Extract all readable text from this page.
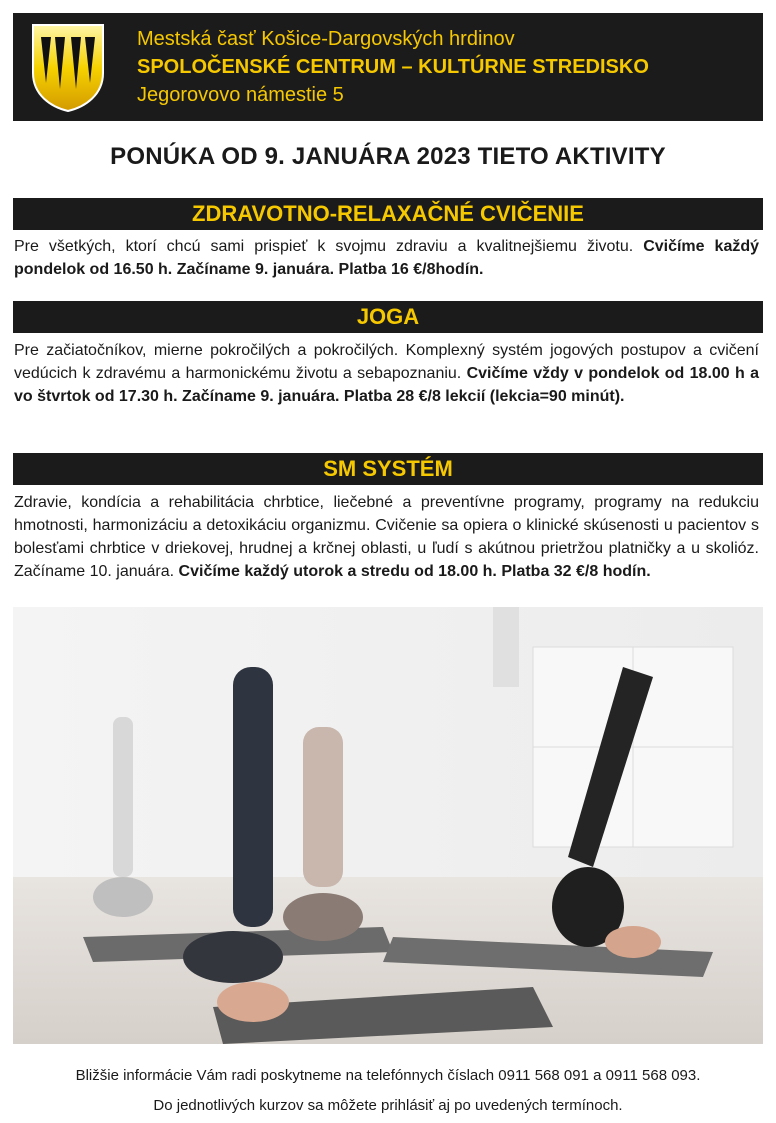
Mestská časť Košice-Dargovských hrdinov
SPOLOČENSKÉ CENTRUM – KULTÚRNE STREDISKO
Jegorovovo námestie 5
PONÚKA OD 9. JANUÁRA 2023 TIETO AKTIVITY
ZDRAVOTNO-RELAXAČNÉ CVIČENIE
Pre všetkých, ktorí chcú sami prispieť k svojmu zdraviu a kvalitnejšiemu životu. Cvičíme každý pondelok od 16.50 h. Začíname 9. januára. Platba 16 €/8hodín.
JOGA
Pre začiatočníkov, mierne pokročilých a pokročilých. Komplexný systém jogových postupov a cvičení vedúcich k zdravému a harmonickému životu a sebapoznaniu. Cvičíme vždy v pondelok od 18.00 h a vo štvrtok od 17.30 h. Začíname 9. januára. Platba 28 €/8 lekcií (lekcia=90 minút).
SM SYSTÉM
Zdravie, kondícia a rehabilitácia chrbtice, liečebné a preventívne programy, programy na redukciu hmotnosti, harmonizáciu a detoxikáciu organizmu. Cvičenie sa opiera o klinické skúsenosti u pacientov s bolesťami chrbtice v driekovej, hrudnej a krčnej oblasti, u ľudí s akútnou prietržou platničky a u skolióz. Začíname 10. januára. Cvičíme každý utorok a stredu od 18.00 h. Platba 32 €/8 hodín.
Bližšie informácie Vám radi poskytneme na telefónnych číslach 0911 568 091 a 0911 568 093.
Do jednotlivých kurzov sa môžete prihlásiť aj po uvedených termínoch.
